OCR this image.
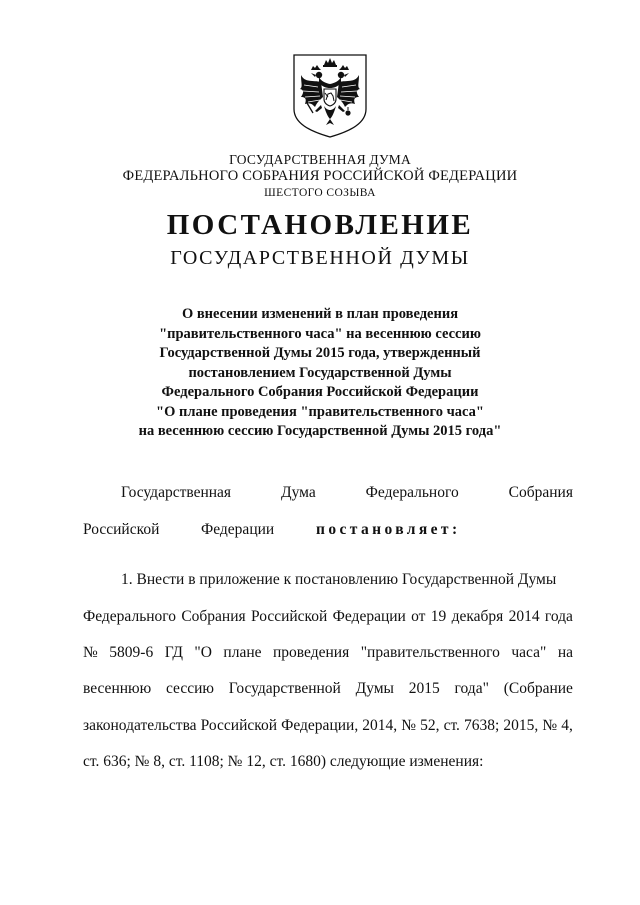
ГОСУДАРСТВЕННАЯ ДУМА
ФЕДЕРАЛЬНОГО СОБРАНИЯ РОССИЙСКОЙ ФЕДЕРАЦИИ
ШЕСТОГО СОЗЫВА
ПОСТАНОВЛЕНИЕ
ГОСУДАРСТВЕННОЙ ДУМЫ
О внесении изменений в план проведения
"правительственного часа" на весеннюю сессию
Государственной Думы 2015 года, утвержденный
постановлением Государственной Думы
Федерального Собрания Российской Федерации
"О плане проведения "правительственного часа"
на весеннюю сессию Государственной Думы 2015 года"
Государственная	Дума	Федерального	Собрания
Российской	Федерации	постановляет:
1. Внести в приложение к постановлению Государственной Думы
Федерального Собрания Российской Федерации от 19 декабря 2014 года
№ 5809-6 ГД "О плане проведения "правительственного часа" на
весеннюю сессию Государственной Думы 2015 года" (Собрание
законодательства Российской Федерации, 2014, № 52, ст. 7638; 2015, № 4,
ст. 636; № 8, ст. 1108; № 12, ст. 1680) следующие изменения:
